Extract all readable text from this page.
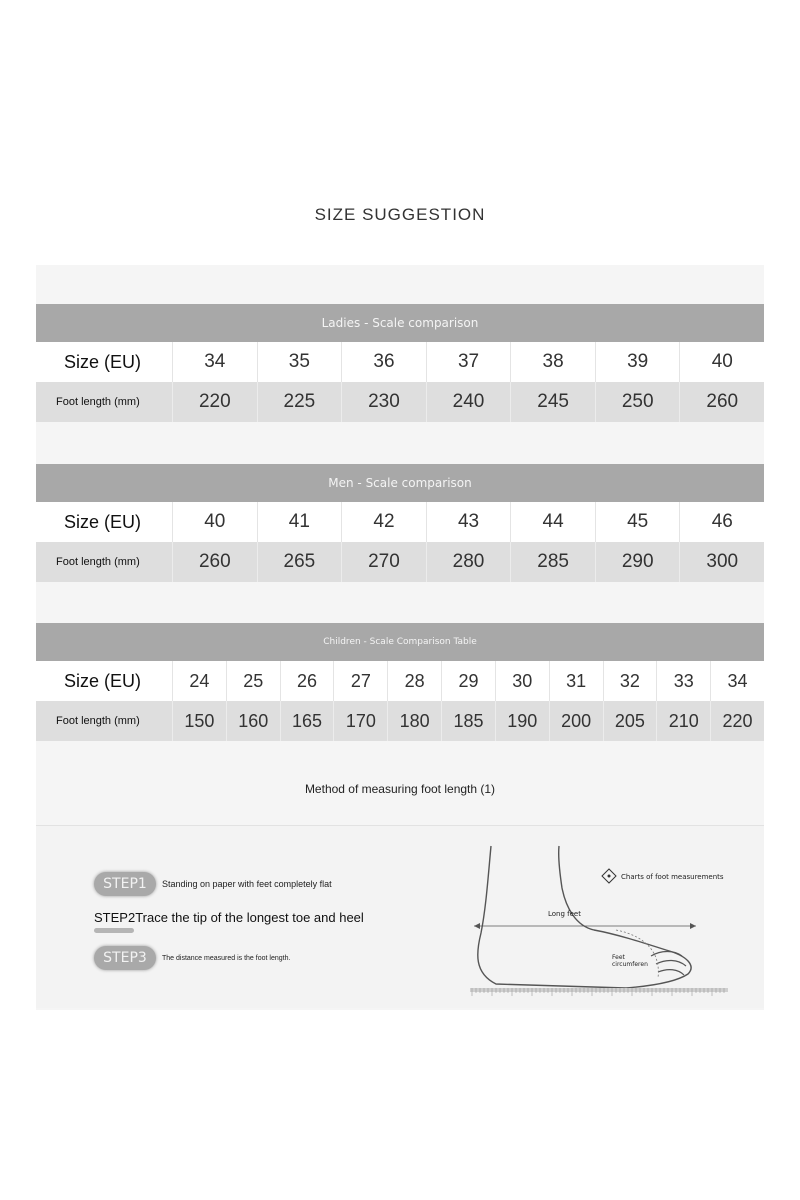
SIZE SUGGESTION
Ladies - Scale comparison
Size (EU)	34	35	36	37	38	39	40
Foot length (mm)	220	225	230	240	245	250	260
Men - Scale comparison
Size (EU)	40	41	42	43	44	45	46
Foot length (mm)	260	265	270	280	285	290	300
Children - Scale Comparison Table
Size (EU)	24	25	26	27	28	29	30	31	32	33	34
Foot length (mm)	150	160	165	170	180	185	190	200	205	210	220
Method of measuring foot length (1)
STEP1	Standing on paper with feet completely flat
STEP2 Trace the tip of the longest toe and heel
STEP3	The distance measured is the foot length.
Charts of foot measurements
Long feet
Feet
circumferen
